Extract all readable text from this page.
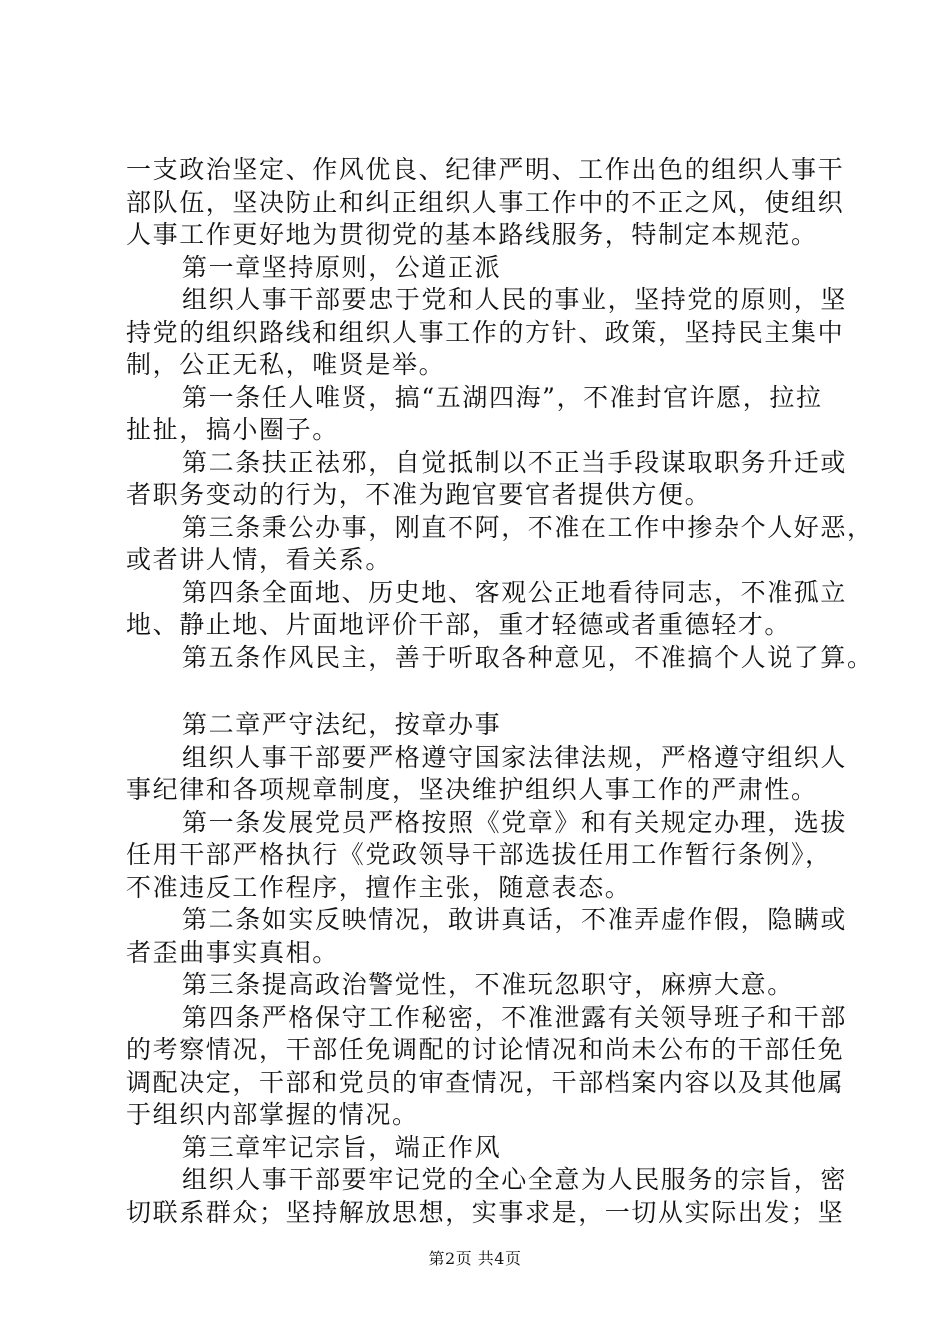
一支政治坚定、作风优良、纪律严明、工作出色的组织人事干
部队伍，坚决防止和纠正组织人事工作中的不正之风，使组织
人事工作更好地为贯彻党的基本路线服务，特制定本规范。
第一章坚持原则，公道正派
组织人事干部要忠于党和人民的事业，坚持党的原则，坚
持党的组织路线和组织人事工作的方针、政策，坚持民主集中
制，公正无私，唯贤是举。
第一条任人唯贤，搞“五湖四海”，不准封官许愿，拉拉
扯扯，搞小圈子。
第二条扶正祛邪，自觉抵制以不正当手段谋取职务升迁或
者职务变动的行为，不准为跑官要官者提供方便。
第三条秉公办事，刚直不阿，不准在工作中掺杂个人好恶，
或者讲人情，看关系。
第四条全面地、历史地、客观公正地看待同志，不准孤立
地、静止地、片面地评价干部，重才轻德或者重德轻才。
第五条作风民主，善于听取各种意见，不准搞个人说了算。
第二章严守法纪，按章办事
组织人事干部要严格遵守国家法律法规，严格遵守组织人
事纪律和各项规章制度，坚决维护组织人事工作的严肃性。
第一条发展党员严格按照《党章》和有关规定办理，选拔
任用干部严格执行《党政领导干部选拔任用工作暂行条例》，
不准违反工作程序，擅作主张，随意表态。
第二条如实反映情况，敢讲真话，不准弄虚作假，隐瞒或
者歪曲事实真相。
第三条提高政治警觉性，不准玩忽职守，麻痹大意。
第四条严格保守工作秘密，不准泄露有关领导班子和干部
的考察情况，干部任免调配的讨论情况和尚未公布的干部任免
调配决定，干部和党员的审查情况，干部档案内容以及其他属
于组织内部掌握的情况。
第三章牢记宗旨，端正作风
组织人事干部要牢记党的全心全意为人民服务的宗旨，密
切联系群众；坚持解放思想，实事求是，一切从实际出发；坚
第2页 共4页
